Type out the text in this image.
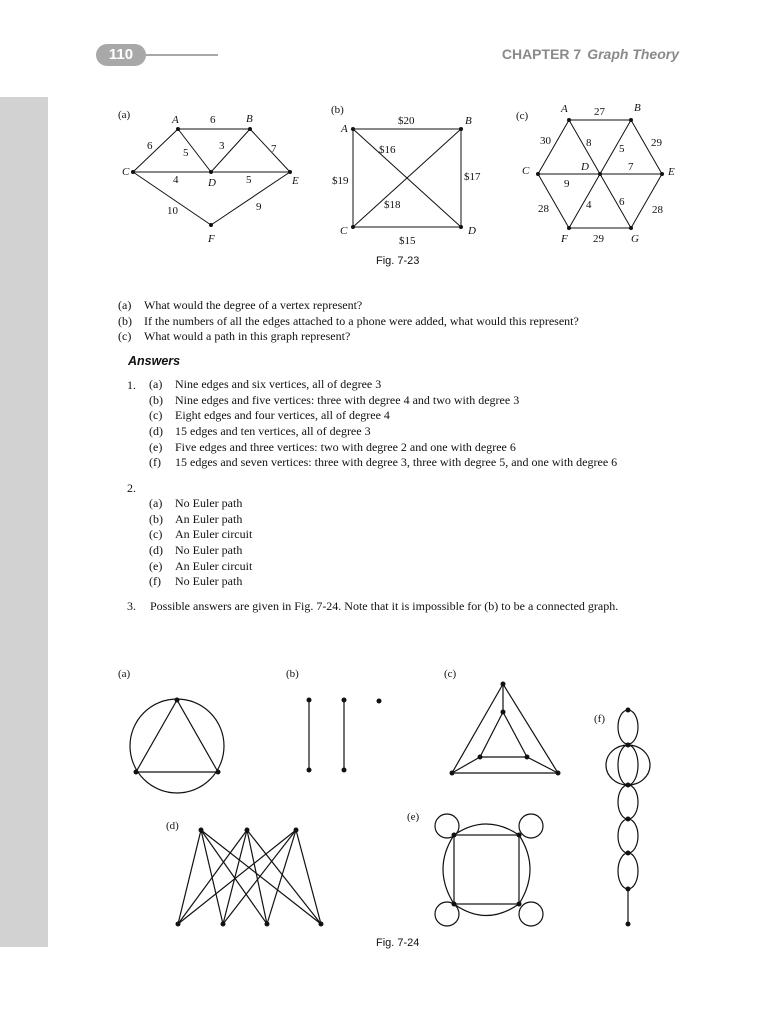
110	CHAPTER 7 Graph Theory
(a)	A	B
C
D	E
F
6
6
5
3	7
4	5
10	9
(b)
A
B
C	D
$20
$16
$19	$17
$18
$15
Fig. 7-23
(c)
A	B
C	D	E
F	G
27
30	8	5 29
7
9
28	4	6
28
29
(a) What would the degree of a vertex represent?
(b) If the numbers of all the edges attached to a phone were added, what would this represent?
(c) What would a path in this graph represent?
Answers
1. (a) Nine edges and six vertices, all of degree 3
(b) Nine edges and five vertices: three with degree 4 and two with degree 3
(c) Eight edges and four vertices, all of degree 4
(d) 15 edges and ten vertices, all of degree 3
(e) Five edges and three vertices: two with degree 2 and one with degree 6
(f) 15 edges and seven vertices: three with degree 3, three with degree 5, and one with degree 6
2.
(a) No Euler path
(b) An Euler path
(c) An Euler circuit
(d) No Euler path
(e) An Euler circuit
(f) No Euler path
3. Possible answers are given in Fig. 7-24. Note that it is impossible for (b) to be a connected graph.
(a)	(b)	(c)
(d)
(e)
(f)
Fig. 7-24
